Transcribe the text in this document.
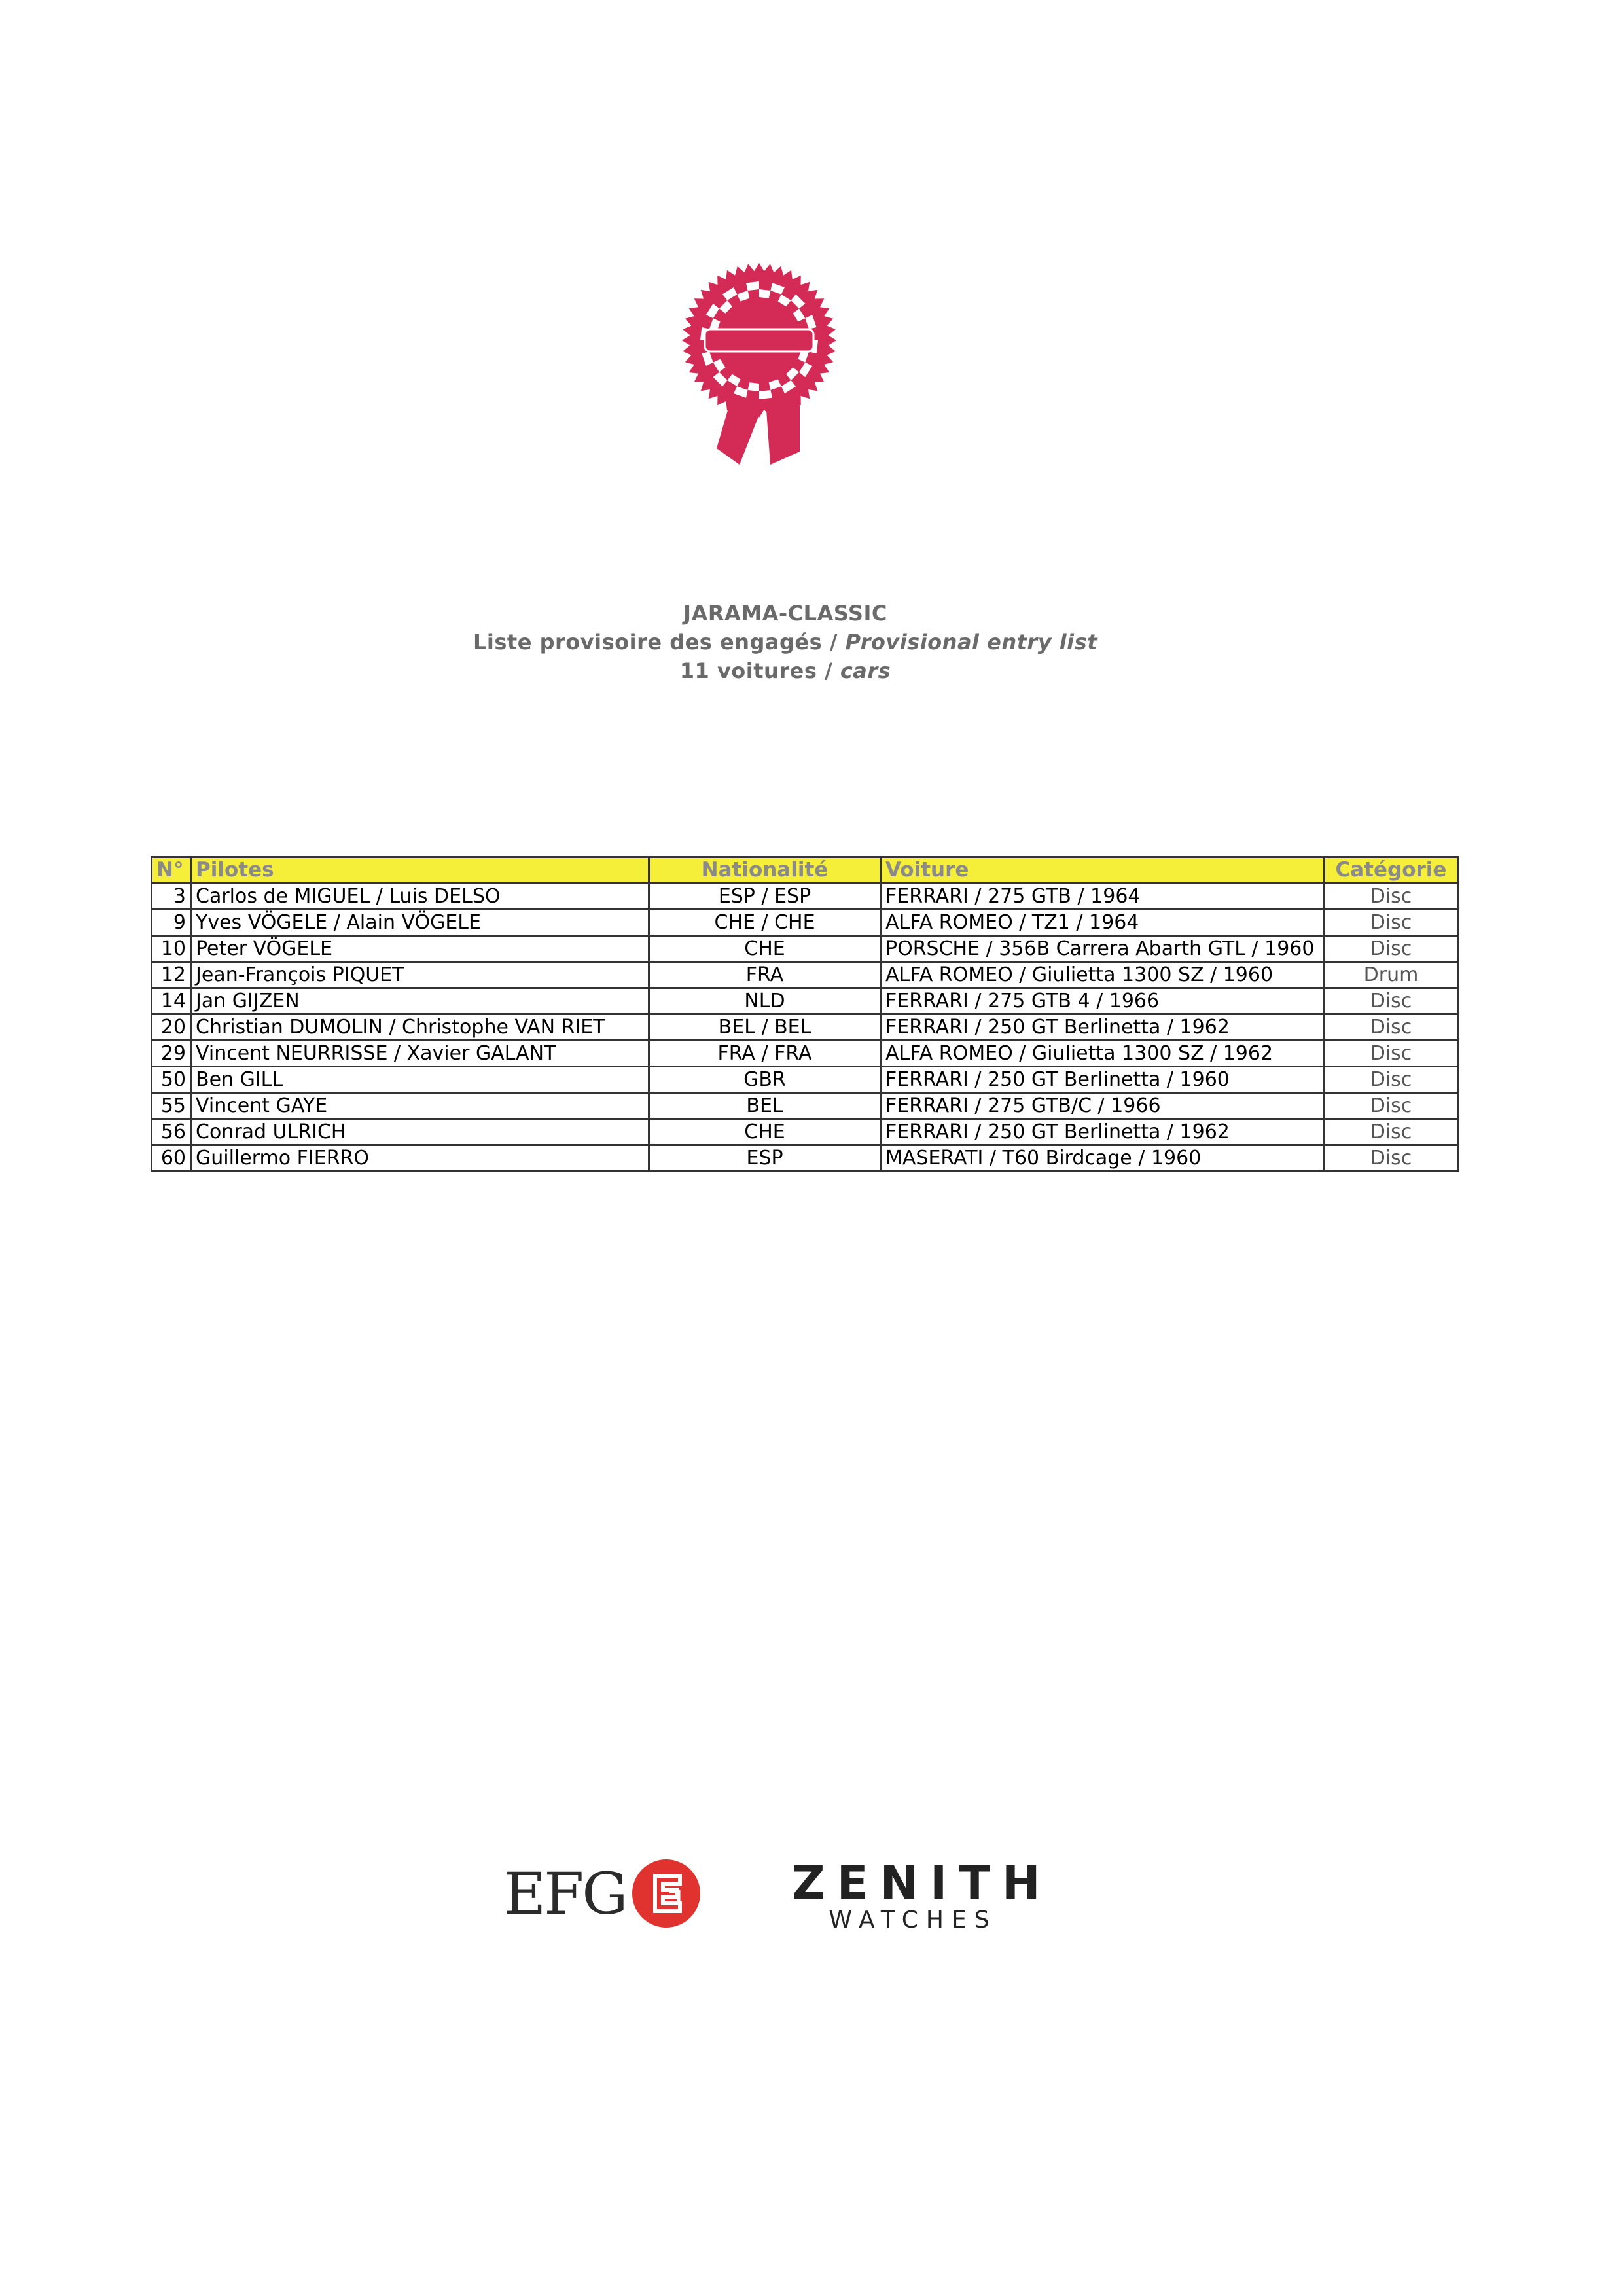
JARAMA-CLASSIC
Liste provisoire des engagés / Provisional entry list
11 voitures / cars
N°	Pilotes	Nationalité	Voiture	Catégorie
3	Carlos de MIGUEL / Luis DELSO	ESP / ESP	FERRARI / 275 GTB / 1964	Disc
9	Yves VÖGELE / Alain VÖGELE	CHE / CHE	ALFA ROMEO / TZ1 / 1964	Disc
10	Peter VÖGELE	CHE	PORSCHE / 356B Carrera Abarth GTL / 1960	Disc
12	Jean-François PIQUET	FRA	ALFA ROMEO / Giulietta 1300 SZ / 1960	Drum
14	Jan GIJZEN	NLD	FERRARI / 275 GTB 4 / 1966	Disc
20	Christian DUMOLIN / Christophe VAN RIET	BEL / BEL	FERRARI / 250 GT Berlinetta / 1962	Disc
29	Vincent NEURRISSE / Xavier GALANT	FRA / FRA	ALFA ROMEO / Giulietta 1300 SZ / 1962	Disc
50	Ben GILL	GBR	FERRARI / 250 GT Berlinetta / 1960	Disc
55	Vincent GAYE	BEL	FERRARI / 275 GTB/C / 1966	Disc
56	Conrad ULRICH	CHE	FERRARI / 250 GT Berlinetta / 1962	Disc
60	Guillermo FIERRO	ESP	MASERATI / T60 Birdcage / 1960	Disc
EFG	ZENITH
WATCHES
